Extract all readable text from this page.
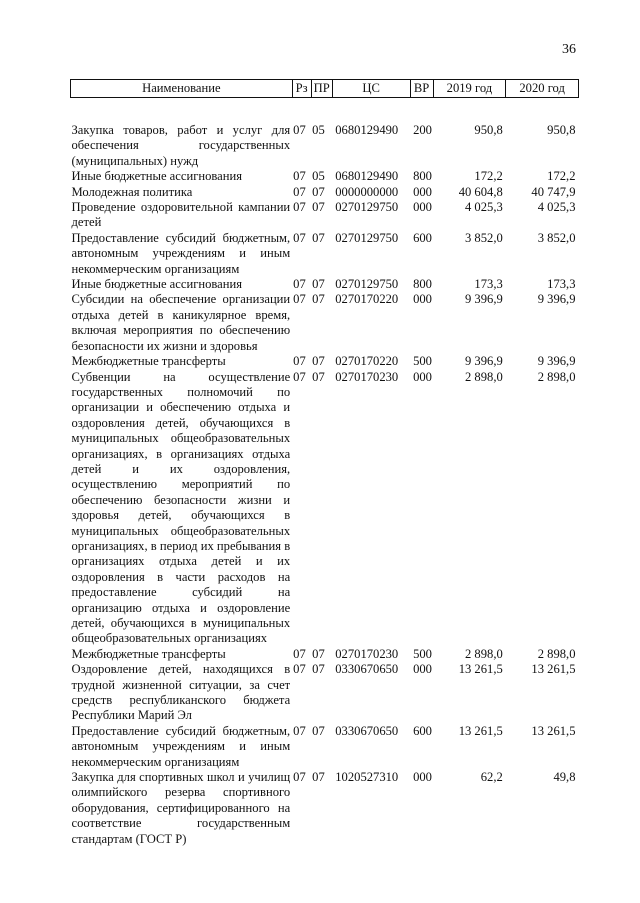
36
Наименование	Рз	ПР	ЦС	ВР	2019 год	2020 год
Закупка товаров, работ и услуг для обеспечения государственных (муниципальных) нужд	07	05	0680129490	200	950,8	950,8
Иные бюджетные ассигнования	07	05	0680129490	800	172,2	172,2
Молодежная политика	07	07	0000000000	000	40 604,8	40 747,9
Проведение оздоровительной кампании детей	07	07	0270129750	000	4 025,3	4 025,3
Предоставление субсидий бюджетным, автономным учреждениям и иным некоммерческим организациям	07	07	0270129750	600	3 852,0	3 852,0
Иные бюджетные ассигнования	07	07	0270129750	800	173,3	173,3
Субсидии на обеспечение организации отдыха детей в каникулярное время, включая мероприятия по обеспечению безопасности их жизни и здоровья	07	07	0270170220	000	9 396,9	9 396,9
Межбюджетные трансферты	07	07	0270170220	500	9 396,9	9 396,9
Субвенции на осуществление государственных полномочий по организации и обеспечению отдыха и оздоровления детей, обучающихся в муниципальных общеобразовательных организациях, в организациях отдыха детей и их оздоровления, осуществлению мероприятий по обеспечению безопасности жизни и здоровья детей, обучающихся в муниципальных общеобразовательных организациях, в период их пребывания в организациях отдыха детей и их оздоровления в части расходов на предоставление субсидий на организацию отдыха и оздоровление детей, обучающихся в муниципальных общеобразовательных организациях	07	07	0270170230	000	2 898,0	2 898,0
Межбюджетные трансферты	07	07	0270170230	500	2 898,0	2 898,0
Оздоровление детей, находящихся в трудной жизненной ситуации, за счет средств республиканского бюджета Республики Марий Эл	07	07	0330670650	000	13 261,5	13 261,5
Предоставление субсидий бюджетным, автономным учреждениям и иным некоммерческим организациям	07	07	0330670650	600	13 261,5	13 261,5
Закупка для спортивных школ и училищ олимпийского резерва спортивного оборудования, сертифицированного на соответствие государственным стандартам (ГОСТ Р)	07	07	1020527310	000	62,2	49,8
